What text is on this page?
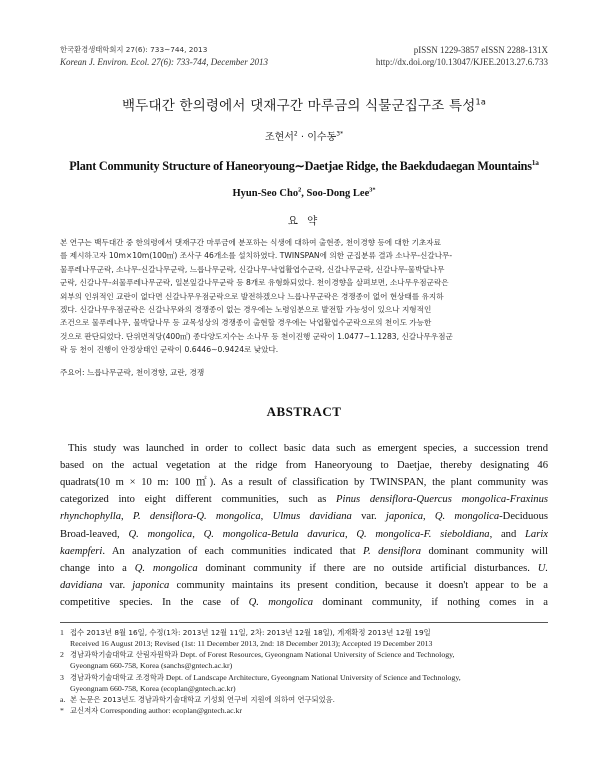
한국환경생태학회지 27(6): 733~744, 2013
Korean J. Environ. Ecol. 27(6): 733-744, December 2013
pISSN 1229-3857 eISSN 2288-131X
http://dx.doi.org/10.13047/KJEE.2013.27.6.733
백두대간 한의령에서 댓재구간 마루금의 식물군집구조 특성$^{1a}$
조현서$^2$ · 이수동$^{3*}$
Plant Community Structure of Haneoryoung∼Daetjae Ridge, the Baekdudaegan Mountains$^{1a}$
Hyun-Seo Cho$^2$, Soo-Dong Lee$^{3*}$
요 약
본 연구는 백두대간 중 한의령에서 댓재구간 마루금에 분포하는 식생에 대하여 출현종, 천이경향 등에 대한 기초자료
를 제시하고자 10m×10m(100㎡) 조사구 46개소를 설치하였다. TWINSPAN에 의한 군집분류 결과 소나무-신갈나무-
물푸레나무군락, 소나무-신갈나무군락, 느릅나무군락, 신갈나무-낙엽활엽수군락, 신갈나무군락, 신갈나무-물박달나무
군락, 신갈나무-쇠물푸레나무군락, 일본잎갈나무군락 등 8개로 유형화되었다. 천이경향을 살펴보면, 소나무우점군락은
외부의 인위적인 교란이 없다면 신갈나무우점군락으로 발전하겠으나 느릅나무군락은 경쟁종이 없어 현상태를 유지하
겠다. 신갈나무우점군락은 신갈나무와의 경쟁종이 없는 경우에는 노령임분으로 발전할 가능성이 있으나 지형적인
조건으로 물푸레나무, 물박달나무 등 교목성상의 경쟁종이 출현할 경우에는 낙엽활엽수군락으로의 천이도 가능한
것으로 판단되었다. 단위면적당(400㎡) 종다양도지수는 소나무 등 천이진행 군락이 1.0477∼1.1283, 신갈나무우점군
락 등 천이 진행이 안정상태인 군락이 0.6446∼0.9424로 낮았다.
주요어: 느릅나무군락, 천이경향, 교란, 경쟁
ABSTRACT
This study was launched in order to collect basic data such as emergent species, a succession trend
based on the actual vegetation at the ridge from Haneoryoung to Daetjae, thereby designating 46
quadrats(10 m × 10 m: 100 ㎡). As a result of classification by TWINSPAN, the plant community was
categorized into eight different communities, such as Pinus densiflora-Quercus mongolica-Fraxinus
rhynchophylla, P. densiflora-Q. mongolica, Ulmus davidiana var. japonica, Q. mongolica-Deciduous
Broad-leaved, Q. mongolica, Q. mongolica-Betula davurica, Q. mongolica-F. sieboldiana, and Larix
kaempferi. An analyzation of each communities indicated that P. densiflora dominant community will
change into a Q. mongolica dominant community if there are no outside artificial disturbances. U.
davidiana var. japonica community maintains its present condition, because it doesn't appear to be a
competitive species. In the case of Q. mongolica dominant community, if nothing comes in a
1 접수 2013년 8월 16일, 수정(1차: 2013년 12월 11일, 2차: 2013년 12월 18일), 게재확정 2013년 12월 19일
Received 16 August 2013; Revised (1st: 11 December 2013, 2nd: 18 December 2013); Accepted 19 December 2013
2 경남과학기술대학교 산림자원학과 Dept. of Forest Resources, Gyeongnam National University of Science and Technology,
Gyeongnam 660-758, Korea (sanchs@gntech.ac.kr)
3 경남과학기술대학교 조경학과 Dept. of Landscape Architecture, Gyeongnam National University of Science and Technology,
Gyeongnam 660-758, Korea (ecoplan@gntech.ac.kr)
a. 본 논문은 2013년도 경남과학기술대학교 기성회 연구비 지원에 의하여 연구되었음.
* 교신저자 Corresponding author: ecoplan@gntech.ac.kr
